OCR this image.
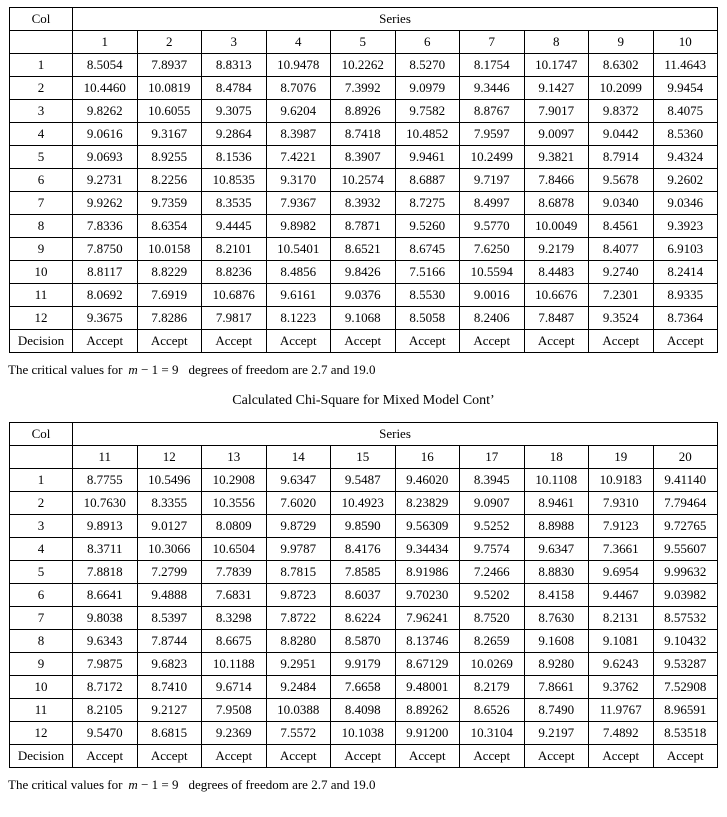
Col	Series									
	1	2	3	4	5	6	7	8	9	10
1	8.5054	7.8937	8.8313	10.9478	10.2262	8.5270	8.1754	10.1747	8.6302	11.4643
2	10.4460	10.0819	8.4784	8.7076	7.3992	9.0979	9.3446	9.1427	10.2099	9.9454
3	9.8262	10.6055	9.3075	9.6204	8.8926	9.7582	8.8767	7.9017	9.8372	8.4075
4	9.0616	9.3167	9.2864	8.3987	8.7418	10.4852	7.9597	9.0097	9.0442	8.5360
5	9.0693	8.9255	8.1536	7.4221	8.3907	9.9461	10.2499	9.3821	8.7914	9.4324
6	9.2731	8.2256	10.8535	9.3170	10.2574	8.6887	9.7197	7.8466	9.5678	9.2602
7	9.9262	9.7359	8.3535	7.9367	8.3932	8.7275	8.4997	8.6878	9.0340	9.0346
8	7.8336	8.6354	9.4445	9.8982	8.7871	9.5260	9.5770	10.0049	8.4561	9.3923
9	7.8750	10.0158	8.2101	10.5401	8.6521	8.6745	7.6250	9.2179	8.4077	6.9103
10	8.8117	8.8229	8.8236	8.4856	9.8426	7.5166	10.5594	8.4483	9.2740	8.2414
11	8.0692	7.6919	10.6876	9.6161	9.0376	8.5530	9.0016	10.6676	7.2301	8.9335
12	9.3675	7.8286	7.9817	8.1223	9.1068	8.5058	8.2406	7.8487	9.3524	8.7364
Decision	Accept	Accept	Accept	Accept	Accept	Accept	Accept	Accept	Accept	Accept

The critical values for m − 1 = 9 degrees of freedom are 2.7 and 19.0

Calculated Chi-Square for Mixed Model Cont’
Col	Series									
	11	12	13	14	15	16	17	18	19	20
1	8.7755	10.5496	10.2908	9.6347	9.5487	9.46020	8.3945	10.1108	10.9183	9.41140
2	10.7630	8.3355	10.3556	7.6020	10.4923	8.23829	9.0907	8.9461	7.9310	7.79464
3	9.8913	9.0127	8.0809	9.8729	9.8590	9.56309	9.5252	8.8988	7.9123	9.72765
4	8.3711	10.3066	10.6504	9.9787	8.4176	9.34434	9.7574	9.6347	7.3661	9.55607
5	7.8818	7.2799	7.7839	8.7815	7.8585	8.91986	7.2466	8.8830	9.6954	9.99632
6	8.6641	9.4888	7.6831	9.8723	8.6037	9.70230	9.5202	8.4158	9.4467	9.03982
7	9.8038	8.5397	8.3298	7.8722	8.6224	7.96241	8.7520	8.7630	8.2131	8.57532
8	9.6343	7.8744	8.6675	8.8280	8.5870	8.13746	8.2659	9.1608	9.1081	9.10432
9	7.9875	9.6823	10.1188	9.2951	9.9179	8.67129	10.0269	8.9280	9.6243	9.53287
10	8.7172	8.7410	9.6714	9.2484	7.6658	9.48001	8.2179	7.8661	9.3762	7.52908
11	8.2105	9.2127	7.9508	10.0388	8.4098	8.89262	8.6526	8.7490	11.9767	8.96591
12	9.5470	8.6815	9.2369	7.5572	10.1038	9.91200	10.3104	9.2197	7.4892	8.53518
Decision	Accept	Accept	Accept	Accept	Accept	Accept	Accept	Accept	Accept	Accept

The critical values for m − 1 = 9 degrees of freedom are 2.7 and 19.0
